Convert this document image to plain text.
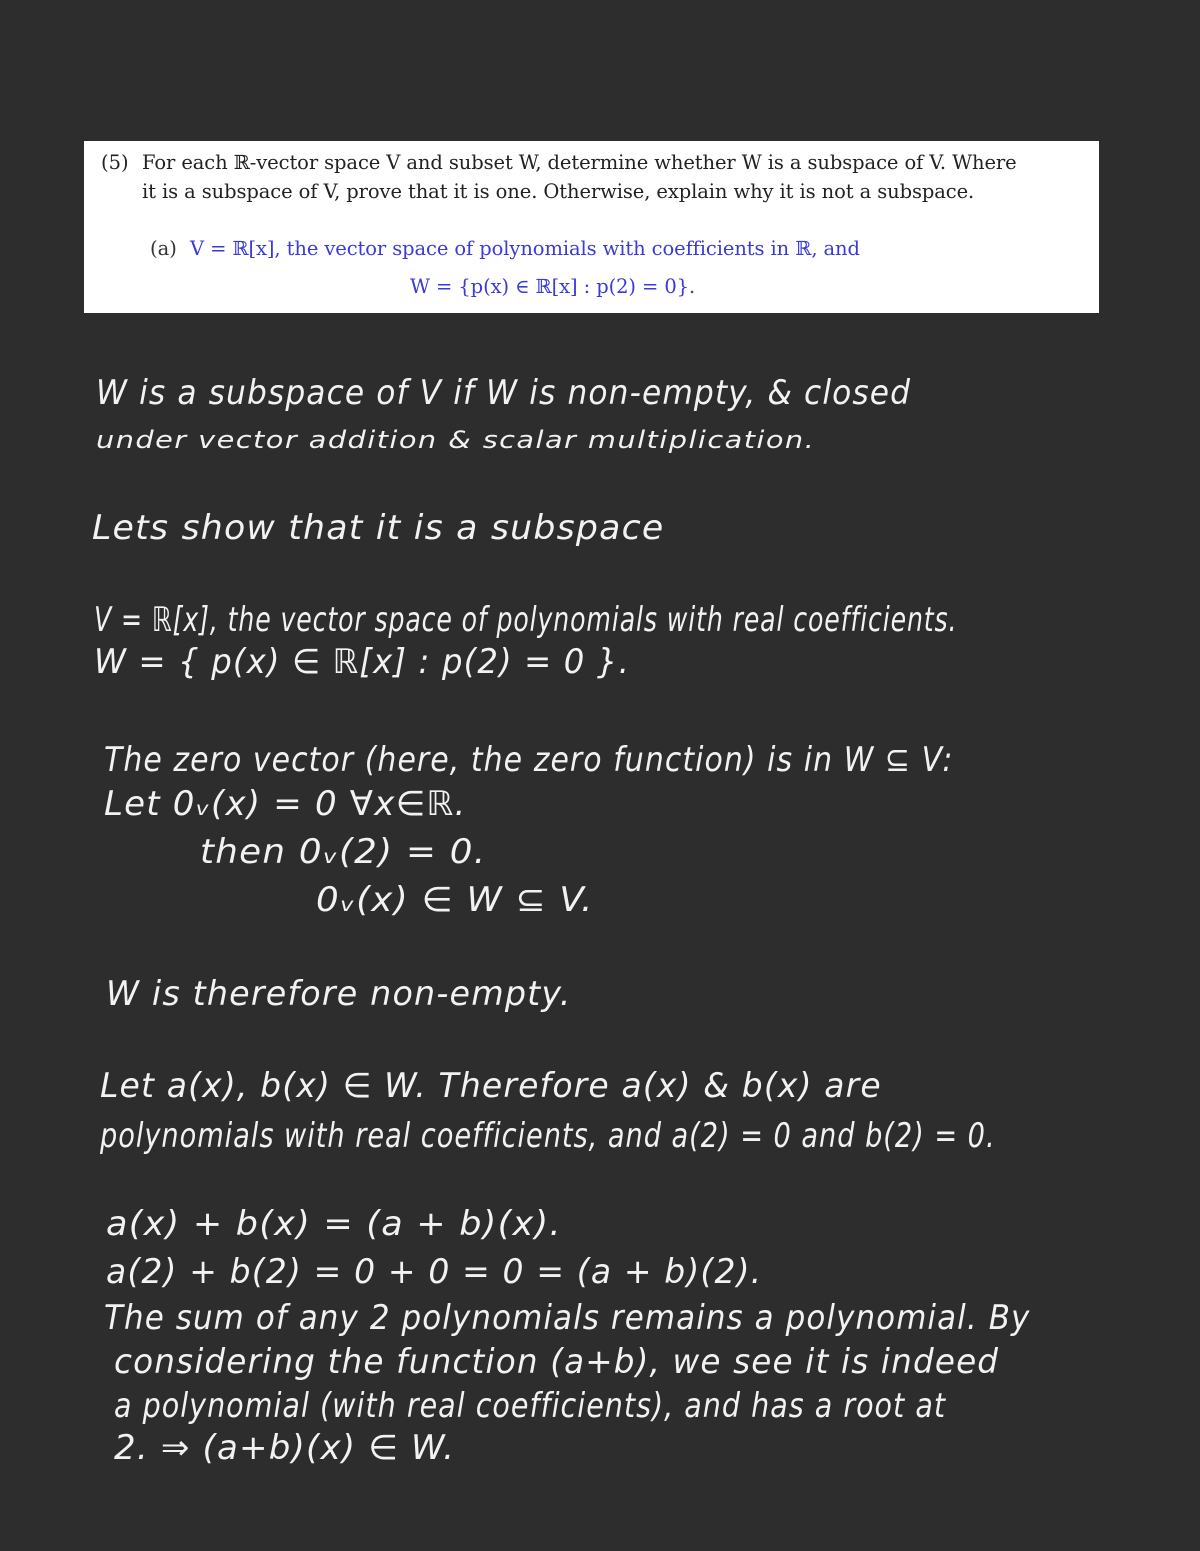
(5) For each ℝ-vector space V and subset W, determine whether W is a subspace of V. Where
it is a subspace of V, prove that it is one. Otherwise, explain why it is not a subspace.
(a) V = ℝ[x], the vector space of polynomials with coefficients in ℝ, and
W = {p(x) ∈ ℝ[x] : p(2) = 0}.
W is a subspace of V if W is non-empty, & closed
under vector addition & scalar multiplication.
Lets show that it is a subspace
V = ℝ[x], the vector space of polynomials with real coefficients.
W = { p(x) ∈ ℝ[x] : p(2) = 0 }.
The zero vector (here, the zero function) is in W ⊆ V:
Let 0ᵥ(x) = 0 ∀x∈ℝ.
then 0ᵥ(2) = 0.
0ᵥ(x) ∈ W ⊆ V.
W is therefore non-empty.
Let a(x), b(x) ∈ W. Therefore a(x) & b(x) are
polynomials with real coefficients, and a(2) = 0 and b(2) = 0.
a(x) + b(x) = (a + b)(x).
a(2) + b(2) = 0 + 0 = 0 = (a + b)(2).
The sum of any 2 polynomials remains a polynomial. By
considering the function (a+b), we see it is indeed
a polynomial (with real coefficients), and has a root at
2. ⇒ (a+b)(x) ∈ W.
